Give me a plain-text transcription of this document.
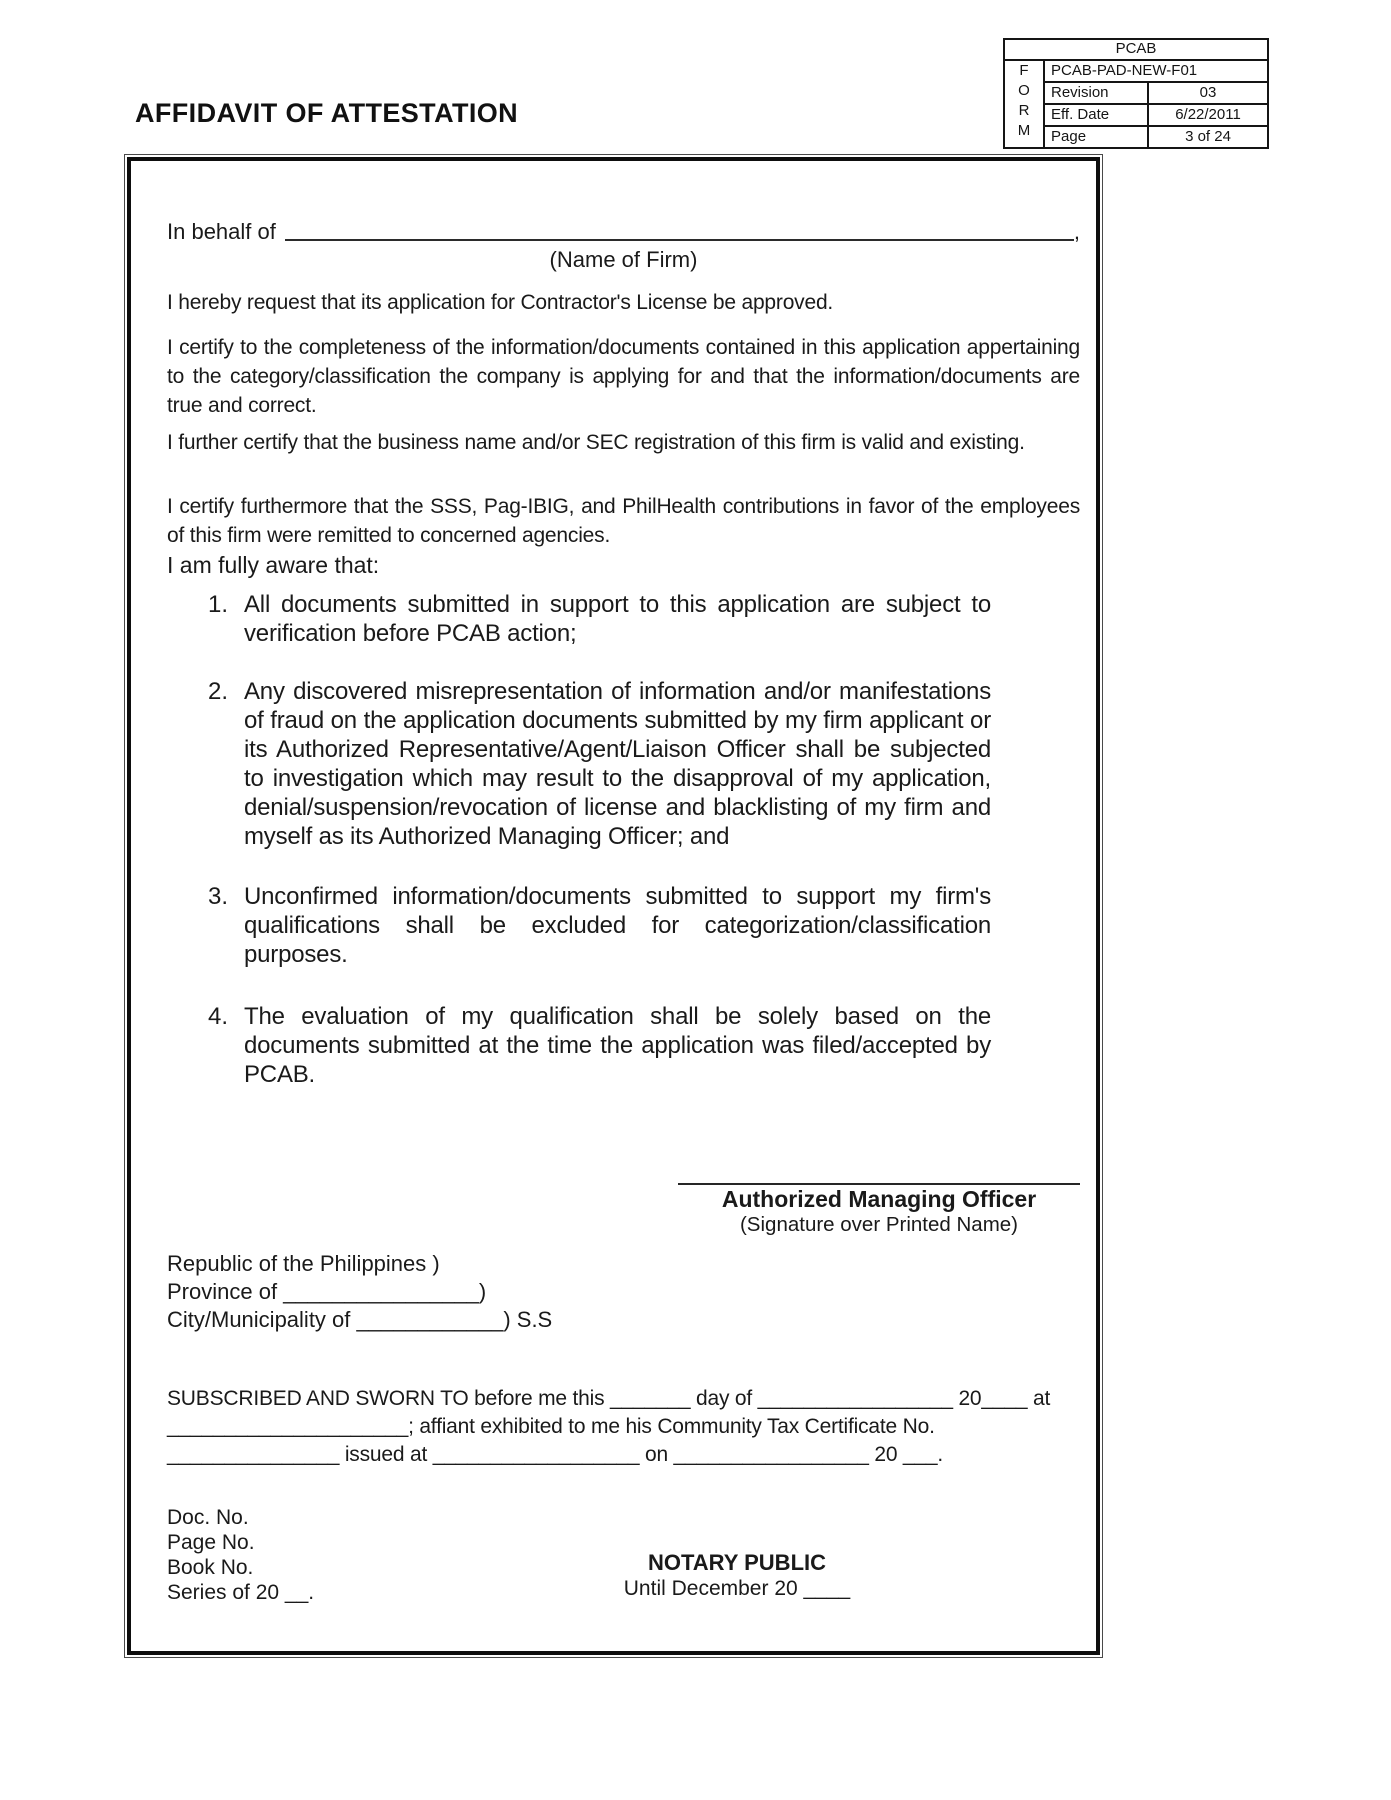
AFFIDAVIT OF ATTESTATION
PCAB
F
O
R
M
PCAB-PAD-NEW-F01
Revision	03
Eff. Date	6/22/2011
Page	3 of 24
In behalf of	,
(Name of Firm)
I hereby request that its application for Contractor's License be approved.
I certify to the completeness of the information/documents contained in this application appertaining to the category/classification the company is applying for and that the information/documents are true and correct.
I further certify that the business name and/or SEC registration of this firm is valid and existing.
I certify furthermore that the SSS, Pag-IBIG, and PhilHealth contributions in favor of the employees of this firm were remitted to concerned agencies.
I am fully aware that:
1. All documents submitted in support to this application are subject to verification before PCAB action;
2. Any discovered misrepresentation of information and/or manifestations of fraud on the application documents submitted by my firm applicant or its Authorized Representative/Agent/Liaison Officer shall be subjected to investigation which may result to the disapproval of my application, denial/suspension/revocation of license and blacklisting of my firm and myself as its Authorized Managing Officer; and
3. Unconfirmed information/documents submitted to support my firm's qualifications shall be excluded for categorization/classification purposes.
4. The evaluation of my qualification shall be solely based on the documents submitted at the time the application was filed/accepted by PCAB.
Authorized Managing Officer
(Signature over Printed Name)
Republic of the Philippines )
Province of ________________)
City/Municipality of ____________) S.S
SUBSCRIBED AND SWORN TO before me this _______ day of _________________ 20____ at
_____________________; affiant exhibited to me his Community Tax Certificate No.
_______________ issued at __________________ on _________________ 20 ___.
Doc. No.
Page No.
Book No.
Series of 20 __.
NOTARY PUBLIC
Until December 20 ____
